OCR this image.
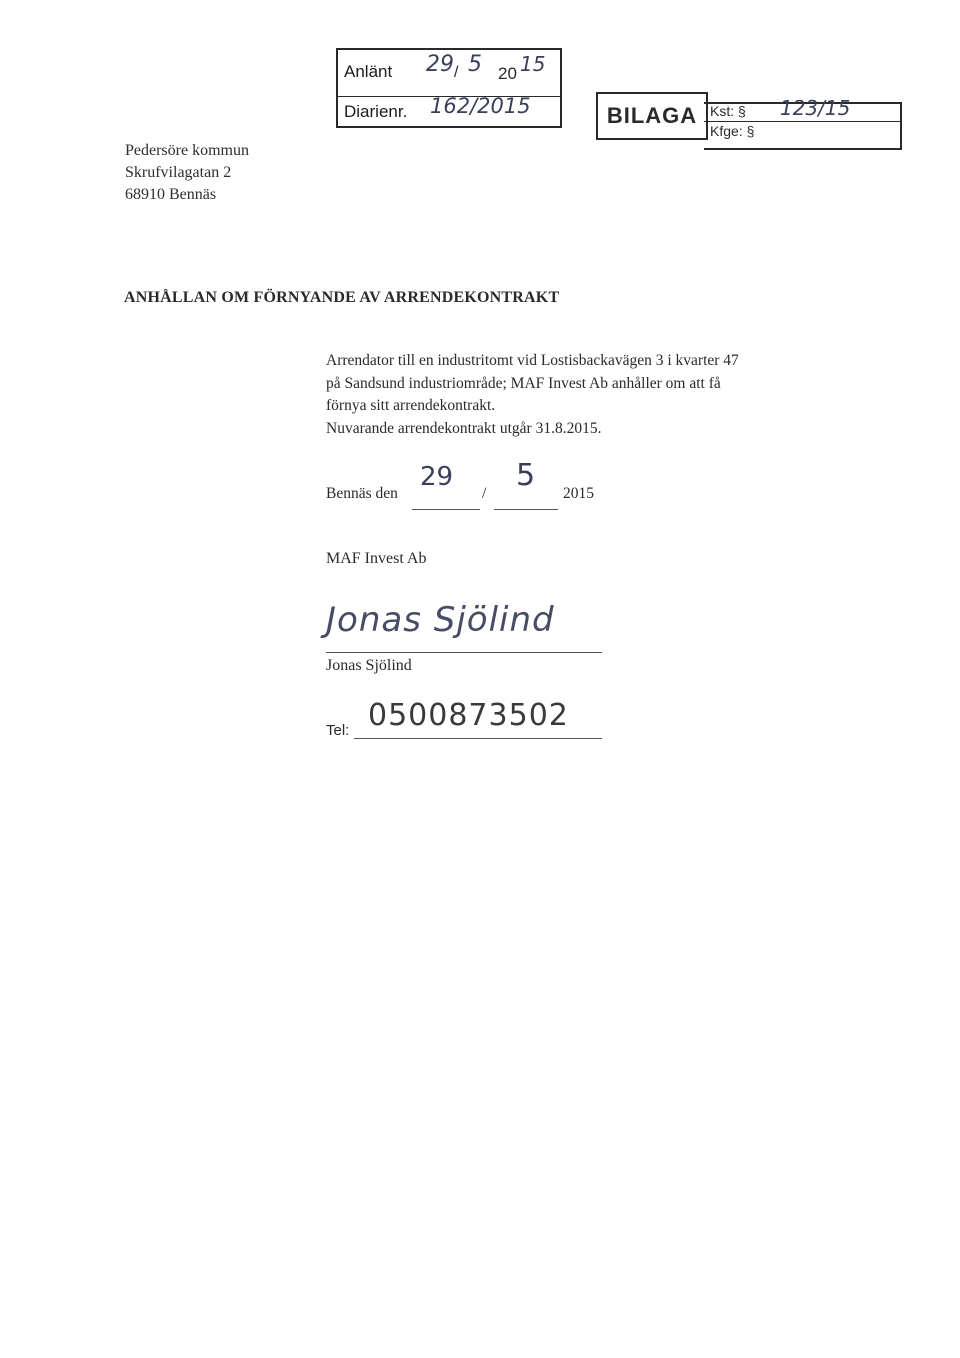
Anlänt 29 / 5 20 15
Diarienr. 162/2015	BILAGA Kst: § 123/15
Kfge: §
Pedersöre kommun
Skrufvilagatan 2
68910 Bennäs
ANHÅLLAN OM FÖRNYANDE AV ARRENDEKONTRAKT
Arrendator till en industritomt vid Lostisbackavägen 3 i kvarter 47
på Sandsund industriområde; MAF Invest Ab anhåller om att få
förnya sitt arrendekontrakt.
Nuvarande arrendekontrakt utgår 31.8.2015.
Bennäs den
29
/
5
2015
MAF Invest Ab
Jonas Sjölind
Jonas Sjölind
Tel: 0500873502
